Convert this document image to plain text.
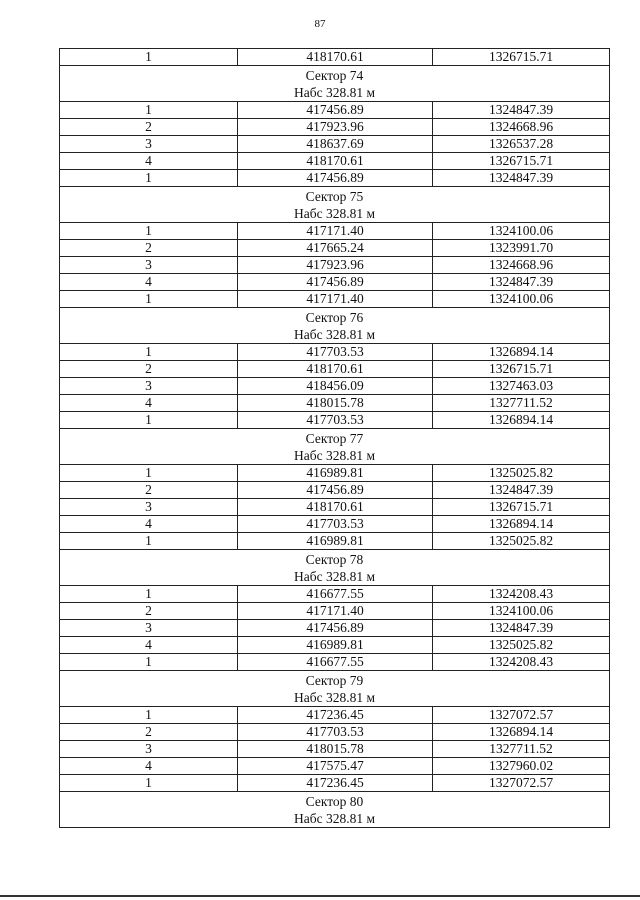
87
1	418170.61	1326715.71

Сектор 74
Набс 328.81 м		

1	417456.89	1324847.39
2	417923.96	1324668.96
3	418637.69	1326537.28
4	418170.61	1326715.71
1	417456.89	1324847.39

Сектор 75
Набс 328.81 м		

1	417171.40	1324100.06
2	417665.24	1323991.70
3	417923.96	1324668.96
4	417456.89	1324847.39
1	417171.40	1324100.06

Сектор 76
Набс 328.81 м		

1	417703.53	1326894.14
2	418170.61	1326715.71
3	418456.09	1327463.03
4	418015.78	1327711.52
1	417703.53	1326894.14

Сектор 77
Набс 328.81 м		

1	416989.81	1325025.82
2	417456.89	1324847.39
3	418170.61	1326715.71
4	417703.53	1326894.14
1	416989.81	1325025.82

Сектор 78
Набс 328.81 м		

1	416677.55	1324208.43
2	417171.40	1324100.06
3	417456.89	1324847.39
4	416989.81	1325025.82
1	416677.55	1324208.43

Сектор 79
Набс 328.81 м		

1	417236.45	1327072.57
2	417703.53	1326894.14
3	418015.78	1327711.52
4	417575.47	1327960.02
1	417236.45	1327072.57

Сектор 80
Набс 328.81 м		
